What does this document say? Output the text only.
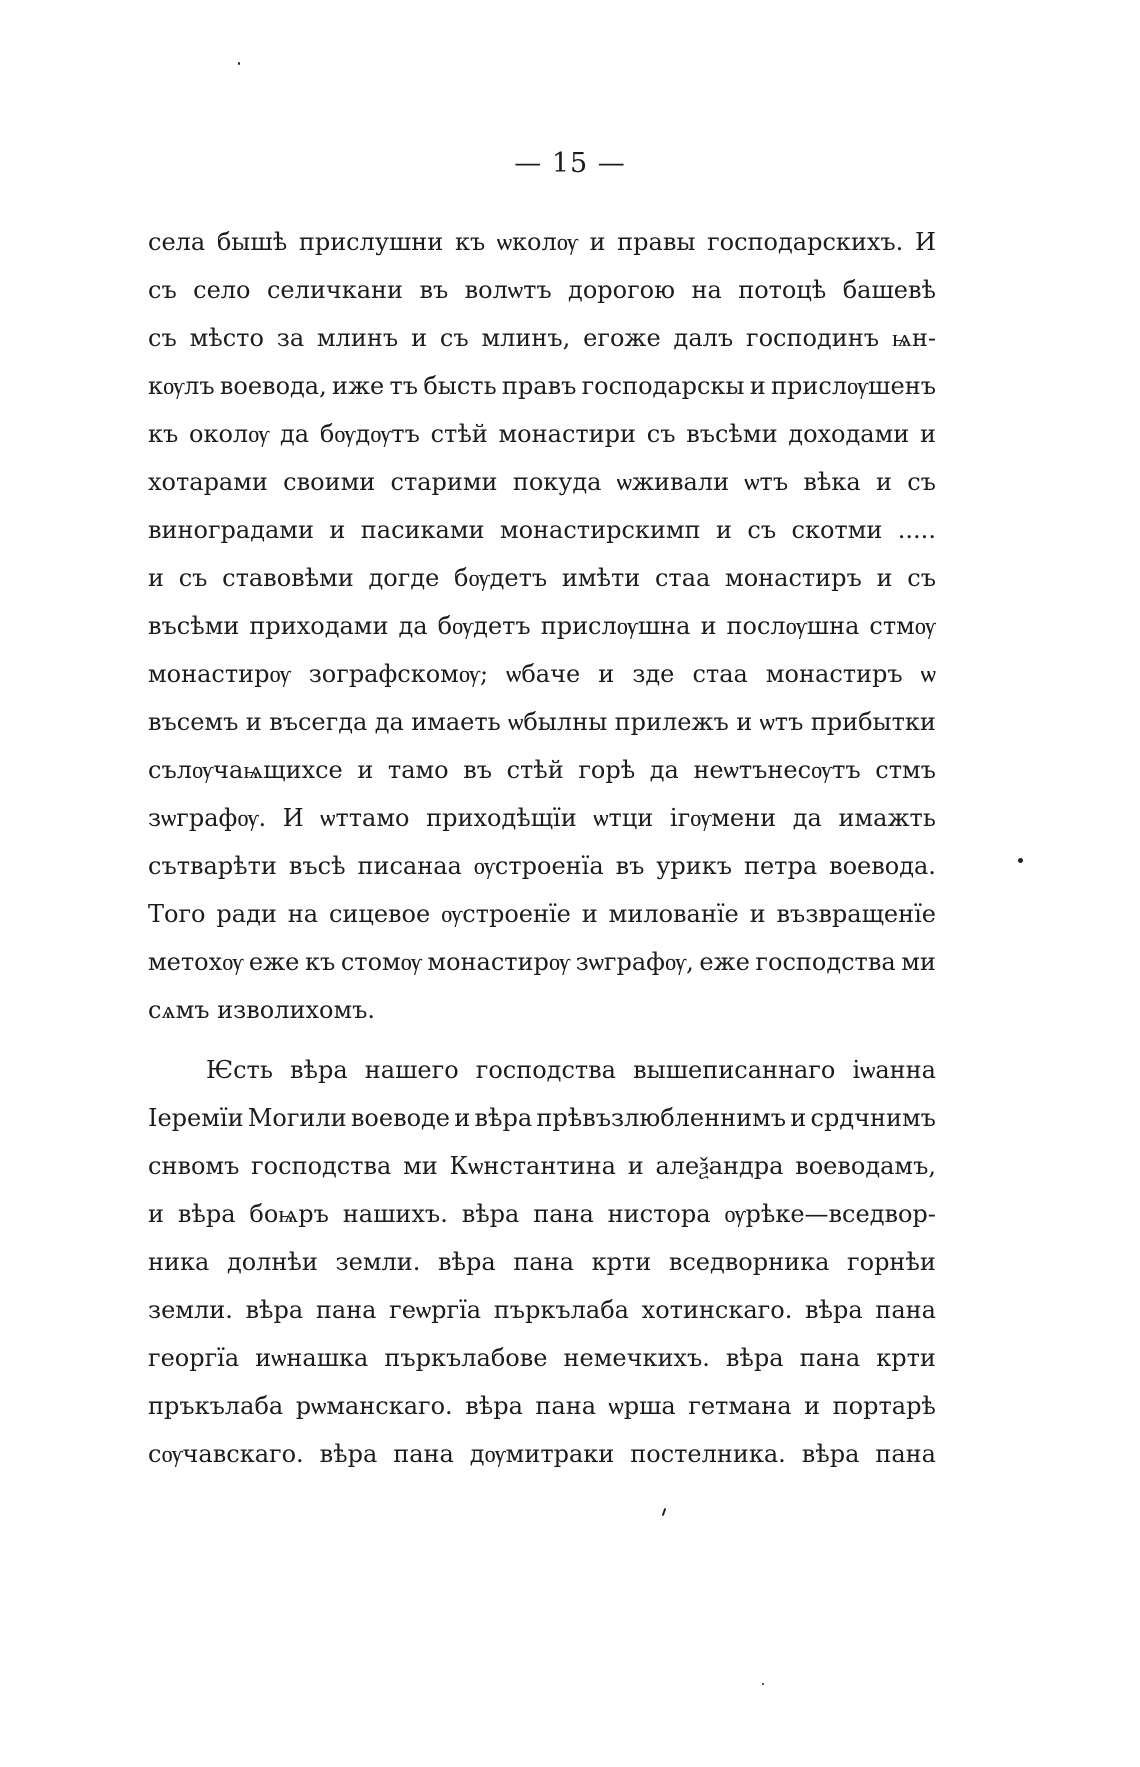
— 15 —
села бышѣ прислушни къ ѡколѹ и правы господарскихъ. И
съ село селичкани въ волѡтъ дорогою на потоцѣ башевѣ
съ мѣсто за млинъ и съ млинъ, егоже далъ господинъ ѩн-
кѹлъ воевода, иже тъ бысть правъ господарскы и прислѹшенъ
къ околѹ да бѹдѹтъ стѣй монастири съ въсѣми доходами и
хотарами своими старими покуда ѡживали ѡтъ вѣка и съ
виноградами и пасиками монастирскимп и съ скотми .....
и съ ставовѣми догде бѹдетъ имѣти стаа монастиръ и съ
въсѣми приходами да бѹдетъ прислѹшна и послѹшна стмѹ
монастирѹ зографскомѹ; ѡбаче и зде стаа монастиръ ѡ
въсемъ и въсегда да имаеть ѡбылны прилежъ и ѡтъ прибытки
сълѹчаѩщихсе и тамо въ стѣй горѣ да неѡтънесѹтъ стмъ
зѡграфѹ. И ѡттамо приходѣщїи ѡтци ігѹмени да имажть
сътварѣти въсѣ писанаа ѹстроенїа въ урикъ петра воевода.
Того ради на сицевое ѹстроенїе и милованїе и възвращенїе
метохѹ еже къ стомѹ монастирѹ зѡграфѹ, еже господства ми
сѧмъ изволихомъ.
Ѥсть вѣра нашего господства вышеписаннаго іѡанна
Іеремїи Могили воеводе и вѣра прѣвъзлюбленнимъ и срдчнимъ
снвомъ господства ми Кѡнстантина и алеѯандра воеводамъ,
и вѣра боѩръ нашихъ. вѣра пана нистора ѹрѣке—вседвор-
ника долнѣи земли. вѣра пана крти вседворника горнѣи
земли. вѣра пана геѡргїа пъркълаба хотинскаго. вѣра пана
георгїа иѡнашка пъркълабове немечкихъ. вѣра пана крти
пръкълаба рѡманскаго. вѣра пана ѡрша гетмана и портарѣ
сѹчавскаго. вѣра пана дѹмитраки постелника. вѣра пана
